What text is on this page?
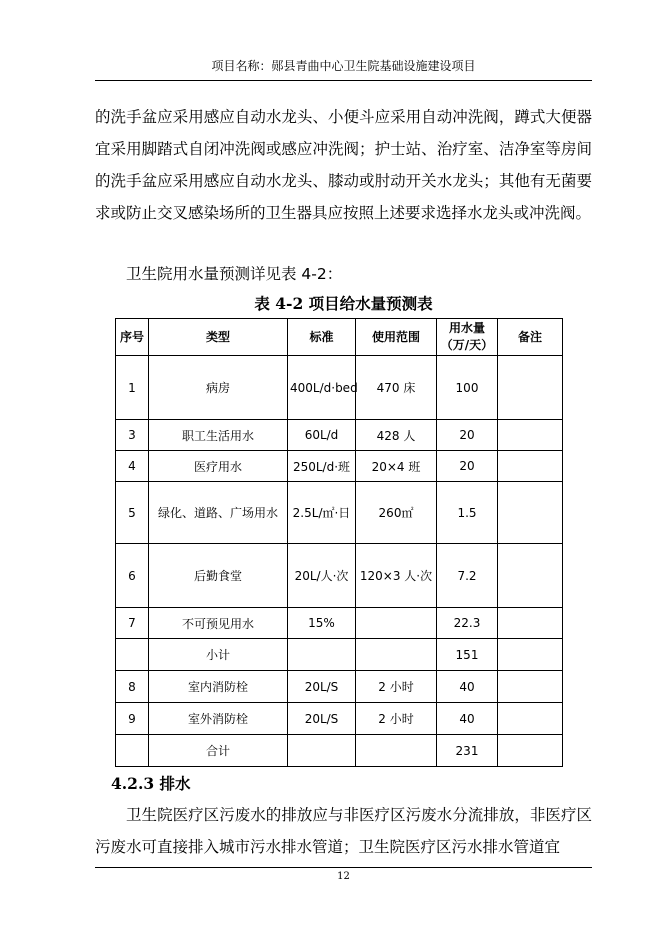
项目名称：郧县青曲中心卫生院基础设施建设项目

的洗手盆应采用感应自动水龙头、小便斗应采用自动冲洗阀，蹲式大便器宜采用脚踏式自闭冲洗阀或感应冲洗阀；护士站、治疗室、洁净室等房间的洗手盆应采用感应自动水龙头、膝动或肘动开关水龙头；其他有无菌要求或防止交叉感染场所的卫生器具应按照上述要求选择水龙头或冲洗阀。

卫生院用水量预测详见表 4-2：
表 4-2 项目给水量预测表
序号	类型	标准	使用范围	用水量（万/天）	备注
1	病房	400L/d·bed	470 床	100	
3	职工生活用水	60L/d	428 人	20	
4	医疗用水	250L/d·班	20×4 班	20	
5	绿化、道路、广场用水	2.5L/㎡·日	260㎡	1.5	
6	后勤食堂	20L/人·次	120×3 人·次	7.2	
7	不可预见用水	15%		22.3	
	小计			151	
8	室内消防栓	20L/S	2 小时	40	
9	室外消防栓	20L/S	2 小时	40	
	合计			231	
4.2.3 排水

卫生院医疗区污废水的排放应与非医疗区污废水分流排放，非医疗区污废水可直接排入城市污水排水管道；卫生院医疗区污水排水管道宜

12
